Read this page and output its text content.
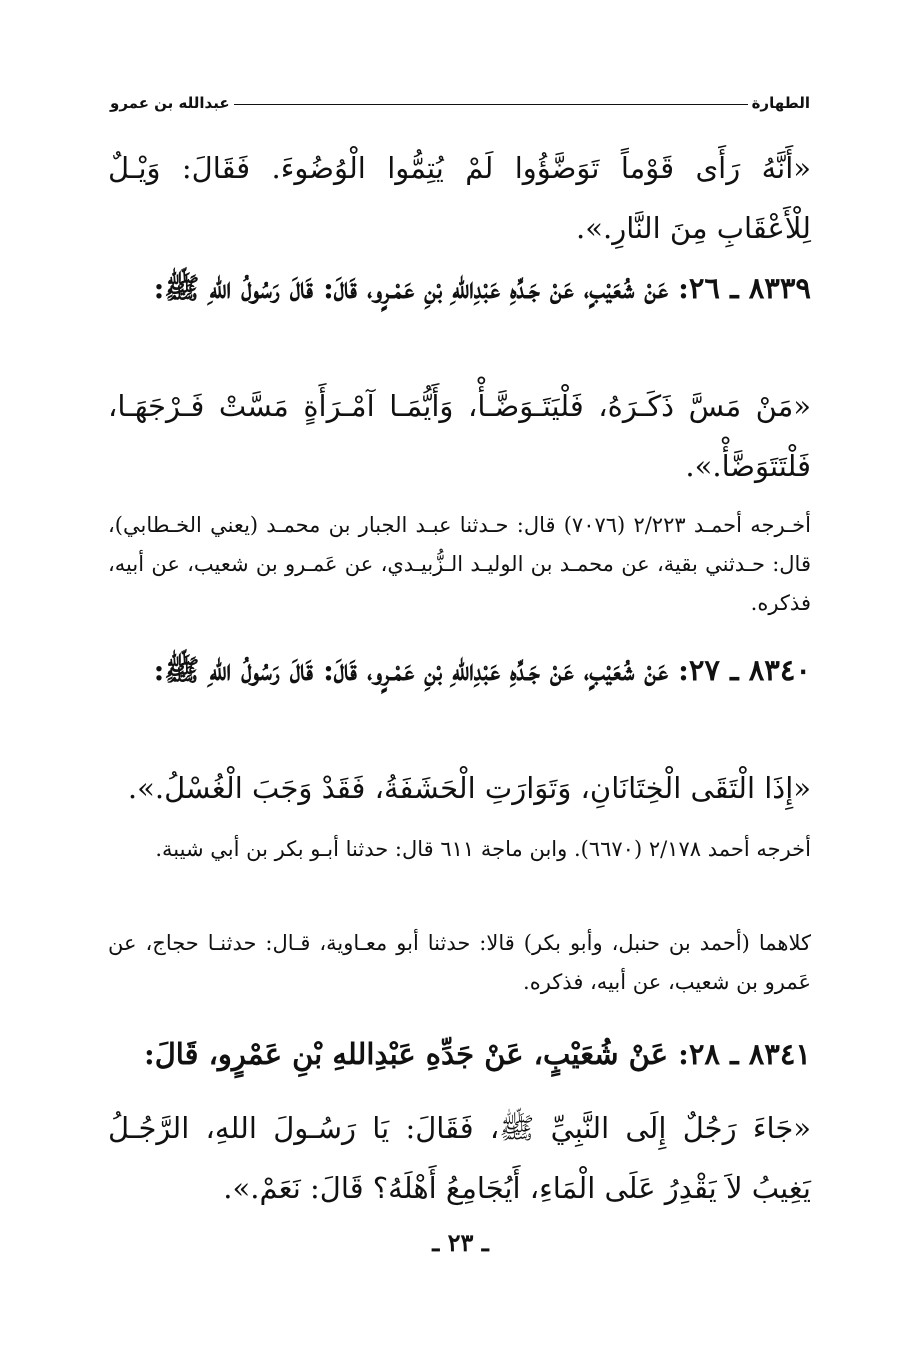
الطهارة
عبدالله بن عمرو
«أَنَّهُ رَأَى قَوْماً تَوَضَّؤُوا لَمْ يُتِمُّوا الْوُضُوءَ. فَقَالَ: وَيْـلٌ لِلْأَعْقَابِ مِنَ النَّارِ.».
٨٣٣٩ ـ ٢٦: عَنْ شُعَيْبٍ، عَنْ جَـدِّهِ عَبْدِاللهِ بْنِ عَمْـرٍو، قَالَ: قَالَ رَسُولُ اللهِ ﷺ:
«مَنْ مَسَّ ذَكَـرَهُ، فَلْيَتَـوَضَّـأْ، وَأَيُّمَـا آمْـرَأَةٍ مَسَّتْ فَـرْجَهَـا، فَلْتَتَوَضَّأْ.».
أخـرجه أحمـد ٢/٢٢٣ (٧٠٧٦) قال: حـدثنا عبـد الجبار بن محمـد (يعني الخـطابي)، قال: حـدثني بقية، عن محمـد بن الوليـد الـزُّبيـدي، عن عَمـرو بن شعيب، عن أبيه، فذكره.
٨٣٤٠ ـ ٢٧: عَنْ شُعَيْبٍ، عَنْ جَـدِّهِ عَبْدِاللهِ بْنِ عَمْـرٍو، قَالَ: قَالَ رَسُولُ اللهِ ﷺ:
«إِذَا الْتَقَى الْخِتَانَانِ، وَتَوَارَتِ الْحَشَفَةُ، فَقَدْ وَجَبَ الْغُسْلُ.».
أخرجه أحمد ٢/١٧٨ (٦٦٧٠). وابن ماجة ٦١١ قال: حدثنا أبـو بكر بن أبي شيبة.
كلاهما (أحمد بن حنبل، وأبو بكر) قالا: حدثنا أبو معـاوية، قـال: حدثنـا حجاج، عن عَمرو بن شعيب، عن أبيه، فذكره.
٨٣٤١ ـ ٢٨: عَنْ شُعَيْبٍ، عَنْ جَدِّهِ عَبْدِاللهِ بْنِ عَمْرٍو، قَالَ:
«جَاءَ رَجُلٌ إِلَى النَّبِيِّ ﷺ، فَقَالَ: يَا رَسُـولَ اللهِ، الرَّجُـلُ يَغِيبُ لاَ يَقْدِرُ عَلَى الْمَاءِ، أَيُجَامِعُ أَهْلَهُ؟ قَالَ: نَعَمْ.».
ـ ٢٣ ـ
